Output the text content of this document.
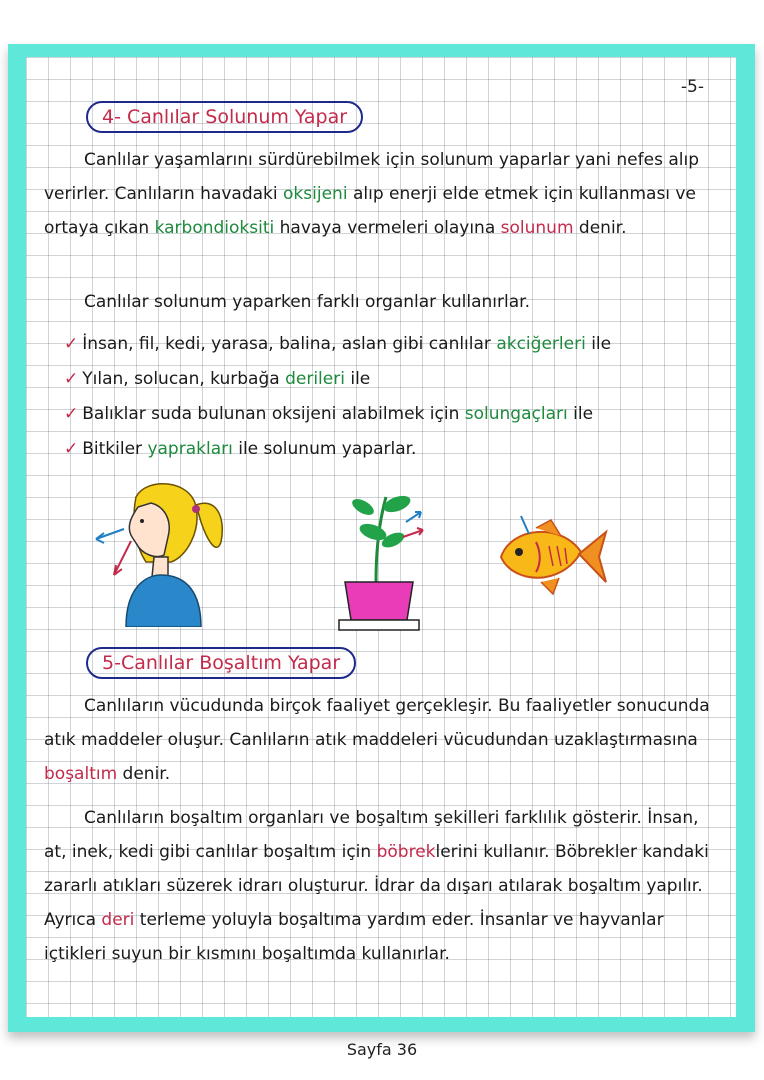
-5-
4- Canlılar Solunum Yapar
Canlılar yaşamlarını sürdürebilmek için solunum yaparlar yani nefes alıp verirler. Canlıların havadaki oksijeni alıp enerji elde etmek için kullanması ve ortaya çıkan karbondioksiti havaya vermeleri olayına solunum denir.
Canlılar solunum yaparken farklı organlar kullanırlar.
✓ İnsan, fil, kedi, yarasa, balina, aslan gibi canlılar akciğerleri ile
✓ Yılan, solucan, kurbağa derileri ile
✓ Balıklar suda bulunan oksijeni alabilmek için solungaçları ile
✓ Bitkiler yaprakları ile solunum yaparlar.
5-Canlılar Boşaltım Yapar
Canlıların vücudunda birçok faaliyet gerçekleşir. Bu faaliyetler sonucunda atık maddeler oluşur. Canlıların atık maddeleri vücudundan uzaklaştırmasına boşaltım denir.
Canlıların boşaltım organları ve boşaltım şekilleri farklılık gösterir. İnsan, at, inek, kedi gibi canlılar boşaltım için böbreklerini kullanır. Böbrekler kandaki zararlı atıkları süzerek idrarı oluşturur. İdrar da dışarı atılarak boşaltım yapılır. Ayrıca deri terleme yoluyla boşaltıma yardım eder. İnsanlar ve hayvanlar içtikleri suyun bir kısmını boşaltımda kullanırlar.
Sayfa 36
